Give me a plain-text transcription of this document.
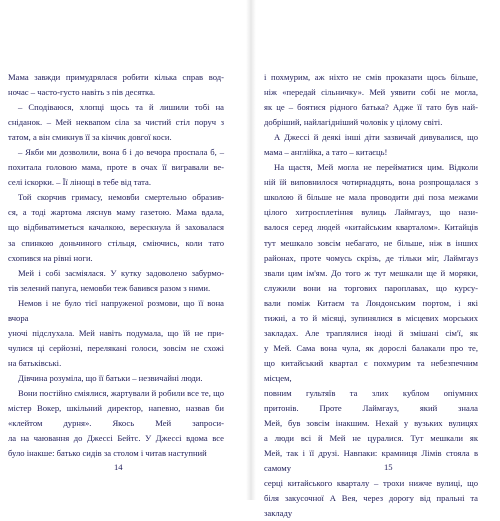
Мама завжди примудрялася робити кілька справ вод-
ночас – часто-густо навіть з пів десятка.
– Сподіваюся, хлопці щось та й лишили тобі на
сніданок. – Мей неквапом сіла за чистий стіл поруч з
татом, а він смикнув її за кінчик довгої коси.
– Якби ми дозволили, вона б і до вечора проспала б, –
похитала головою мама, проте в очах її вигравали ве-
селі іскорки. – Її лінощі в тебе від тата.
Той скорчив гримасу, немовби смертельно образив-
ся, а тоді жартома ляснув маму газетою. Мама вдала,
що відбиватиметься качалкою, верескнула й заховалася
за спинкою доньчиного стільця, сміючись, коли тато
схопився на рівні ноги.
Мей і собі засміялася. У кутку задоволено забурмо-
тів зелений папуга, немовби теж бавився разом з ними.
Немов і не було тієї напруженої розмови, що її вона вчора
уночі підслухала. Мей навіть подумала, що їй не при-
чулися ці серйозні, перелякані голоси, зовсім не схожі
на батьківські.
Дівчина розуміла, що її батьки – незвичайні люди.
Вони постійно сміялися, жартували й робили все те, що
містер Вокер, шкільний директор, напевно, назвав би
«клейтом дурня». Якось Мей запроси-
ла на чаювання до Джессі Бейтс. У Джессі вдома все
було інакше: батько сидів за столом і читав наступний
і похмурим, аж ніхто не смів проказати щось більше,
ніж «передай сільничку». Мей уявити собі не могла,
як це – боятися рідного батька? Адже її тато був най-
добріший, найлагідніший чоловік у цілому світі.
А Джессі й деякі інші діти зазвичай дивувалися, що
мама – англійка, а тато – китаєць!
На щастя, Мей могла не перейматися цим. Відколи
ній їй виповнилося чотирнадцять, вона розпрощалася з
школою й більше не мала проводити дні поза межами
цілого хитросплетіння вулиць Лаймгауз, що нази-
валося серед людей «китайським кварталом». Китайців
тут мешкало зовсім небагато, не більше, ніж в інших
районах, проте чомусь скрізь, де тільки міг, Лаймгауз
звали цим ім'ям. До того ж тут мешкали ще й моряки,
служили вони на торгових пароплавах, що курсу-
вали поміж Китаєм та Лондонським портом, і які
тижні, а то й місяці, зупинялися в місцевих морських
закладах. Але траплялися іноді й змішані сім'ї, як
у Мей. Сама вона чула, як дорослі балакали про те,
що китайський квартал є похмурим та небезпечним місцем,
повним гультяїв та злих кублом опіумних
притонів. Проте Лаймгауз, який знала
Мей, був зовсім інакшим. Нехай у вузьких вулицях
а люди всі й Мей не цуралися. Тут мешкали як
Мей, так і її друзі. Навпаки: крамниця Лімів стояла в самому
серці китайського кварталу – трохи нижче вулиці, що
біля закусочної А Вея, через дорогу від пральні та закладу
14	15
